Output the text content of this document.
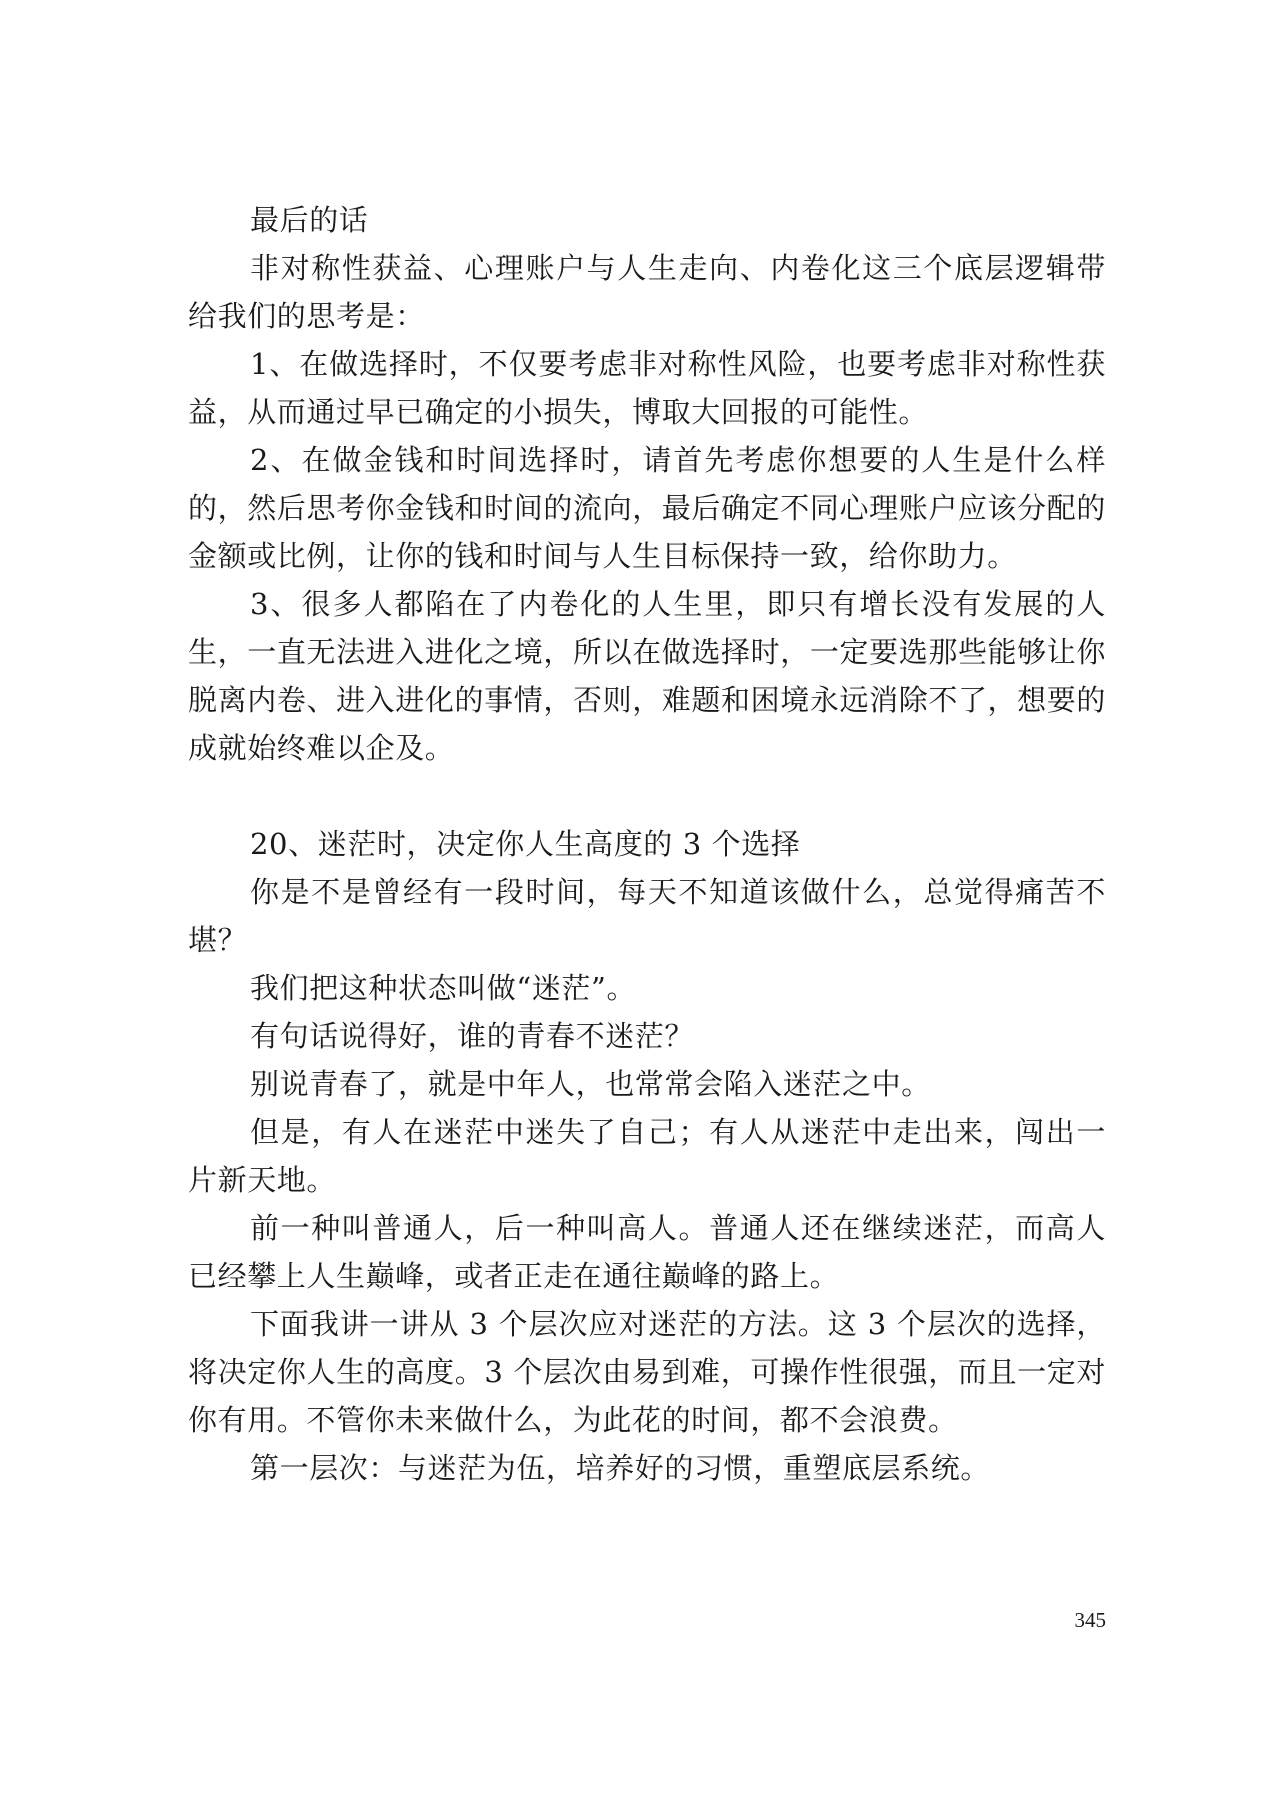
最后的话

非对称性获益、心理账户与人生走向、内卷化这三个底层逻辑带给我们的思考是：

1、在做选择时，不仅要考虑非对称性风险，也要考虑非对称性获益，从而通过早已确定的小损失，博取大回报的可能性。

2、在做金钱和时间选择时，请首先考虑你想要的人生是什么样的，然后思考你金钱和时间的流向，最后确定不同心理账户应该分配的金额或比例，让你的钱和时间与人生目标保持一致，给你助力。

3、很多人都陷在了内卷化的人生里，即只有增长没有发展的人生，一直无法进入进化之境，所以在做选择时，一定要选那些能够让你脱离内卷、进入进化的事情，否则，难题和困境永远消除不了，想要的成就始终难以企及。

20、迷茫时，决定你人生高度的 3 个选择

你是不是曾经有一段时间，每天不知道该做什么，总觉得痛苦不堪？

我们把这种状态叫做“迷茫”。

有句话说得好，谁的青春不迷茫？

别说青春了，就是中年人，也常常会陷入迷茫之中。

但是，有人在迷茫中迷失了自己；有人从迷茫中走出来，闯出一片新天地。

前一种叫普通人，后一种叫高人。普通人还在继续迷茫，而高人已经攀上人生巅峰，或者正走在通往巅峰的路上。

下面我讲一讲从 3 个层次应对迷茫的方法。这 3 个层次的选择，将决定你人生的高度。3 个层次由易到难，可操作性很强，而且一定对你有用。不管你未来做什么，为此花的时间，都不会浪费。

第一层次：与迷茫为伍，培养好的习惯，重塑底层系统。

345
